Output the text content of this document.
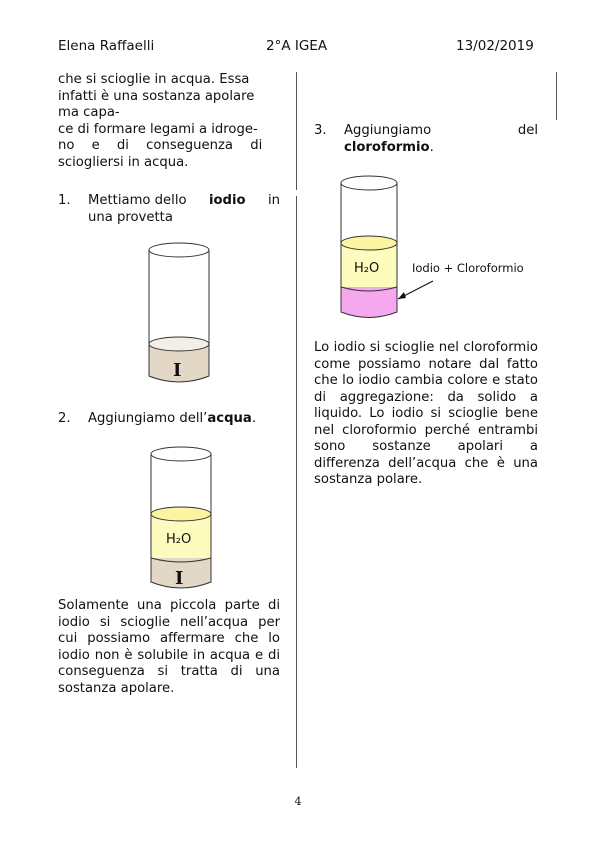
Elena Raffaelli	2°A IGEA	13/02/2019
che si scioglie in acqua. Essa
infatti è una sostanza apolare
ma capa-
ce di formare legami a idroge-
no e di conseguenza di
sciogliersi in acqua.
1. Mettiamo dello iodio in
una provetta
I
2. Aggiungiamo dell’acqua.
H₂O
I
Solamente una piccola parte di iodio si scioglie nell’acqua per cui possiamo affermare che lo iodio non è solubile in acqua e di conseguenza si tratta di una sostanza apolare.
3. Aggiungiamo	del
cloroformio.
H₂O	Iodio + Cloroformio
Lo iodio si scioglie nel cloroformio come possiamo notare dal fatto che lo iodio cambia colore e stato di aggregazione: da solido a liquido. Lo iodio si scioglie bene nel cloroformio perché entrambi sono sostanze apolari a differenza dell’acqua che è una sostanza polare.
4
